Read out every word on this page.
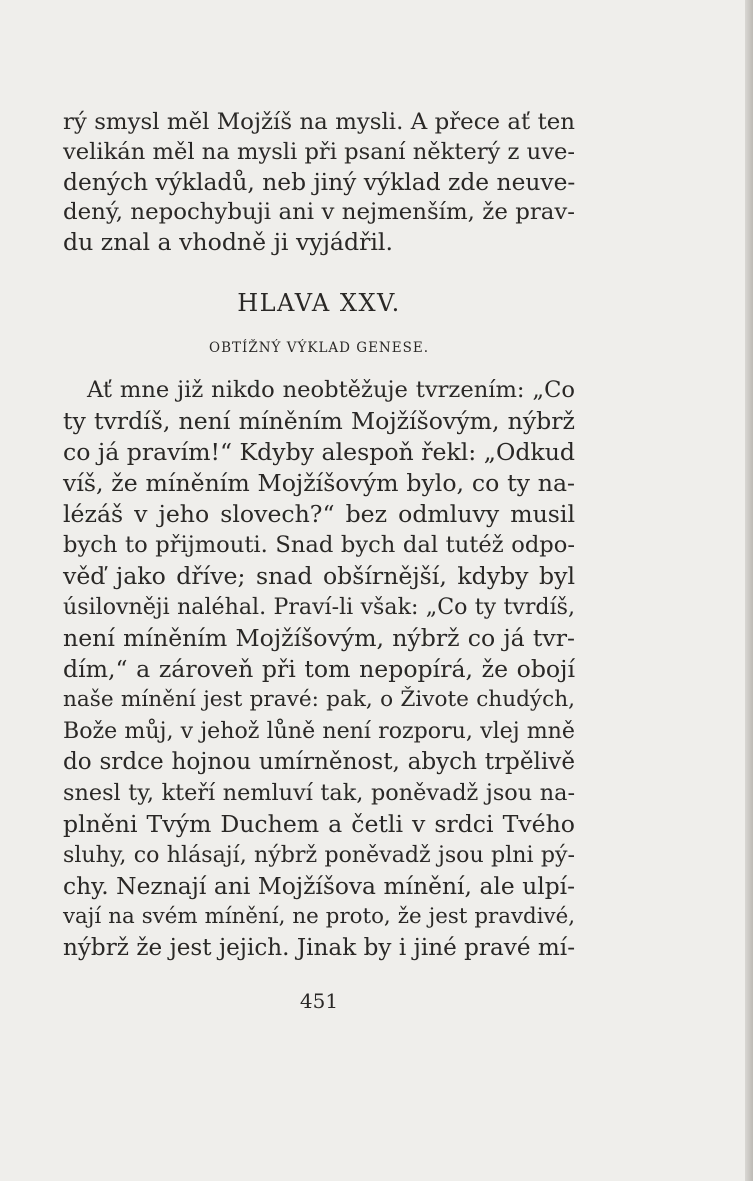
rý smysl měl Mojžíš na mysli. A přece ať ten
velikán měl na mysli při psaní některý z uve-
dených výkladů, neb jiný výklad zde neuve-
dený, nepochybuji ani v nejmenším, že prav-
du znal a vhodně ji vyjádřil.
HLAVA XXV.
OBTÍŽNÝ VÝKLAD GENESE.
Ať mne již nikdo neobtěžuje tvrzením: „Co
ty tvrdíš, není míněním Mojžíšovým, nýbrž
co já pravím!“ Kdyby alespoň řekl: „Odkud
víš, že míněním Mojžíšovým bylo, co ty na-
lézáš v jeho slovech?“ bez odmluvy musil
bych to přijmouti. Snad bych dal tutéž odpo-
věď jako dříve; snad obšírnější, kdyby byl
úsilovněji naléhal. Praví-li však: „Co ty tvrdíš,
není míněním Mojžíšovým, nýbrž co já tvr-
dím,“ a zároveň při tom nepopírá, že obojí
naše mínění jest pravé: pak, o Živote chudých,
Bože můj, v jehož lůně není rozporu, vlej mně
do srdce hojnou umírněnost, abych trpělivě
snesl ty, kteří nemluví tak, poněvadž jsou na-
plněni Tvým Duchem a četli v srdci Tvého
sluhy, co hlásají, nýbrž poněvadž jsou plni pý-
chy. Neznají ani Mojžíšova mínění, ale ulpí-
vají na svém mínění, ne proto, že jest pravdivé,
nýbrž že jest jejich. Jinak by i jiné pravé mí-
451
